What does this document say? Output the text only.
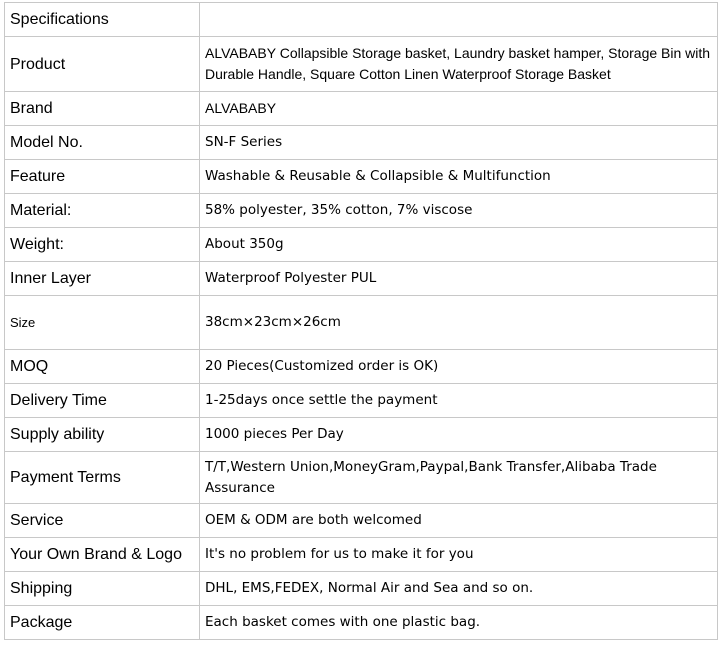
Specifications	
Product	ALVABABY Collapsible Storage basket, Laundry basket hamper, Storage Bin with Durable Handle, Square Cotton Linen Waterproof Storage Basket
Brand	ALVABABY
Model No.	SN-F Series
Feature	Washable & Reusable & Collapsible & Multifunction
Material:	58% polyester, 35% cotton, 7% viscose
Weight:	About 350g
Inner Layer	Waterproof Polyester PUL
Size	38cm×23cm×26cm
MOQ	20 Pieces(Customized order is OK)
Delivery Time	1-25days once settle the payment
Supply ability	1000 pieces Per Day
Payment Terms	T/T,Western Union,MoneyGram,Paypal,Bank Transfer,Alibaba Trade Assurance
Service	OEM & ODM are both welcomed
Your Own Brand & Logo	It's no problem for us to make it for you
Shipping	DHL, EMS,FEDEX, Normal Air and Sea and so on.
Package	Each basket comes with one plastic bag.
